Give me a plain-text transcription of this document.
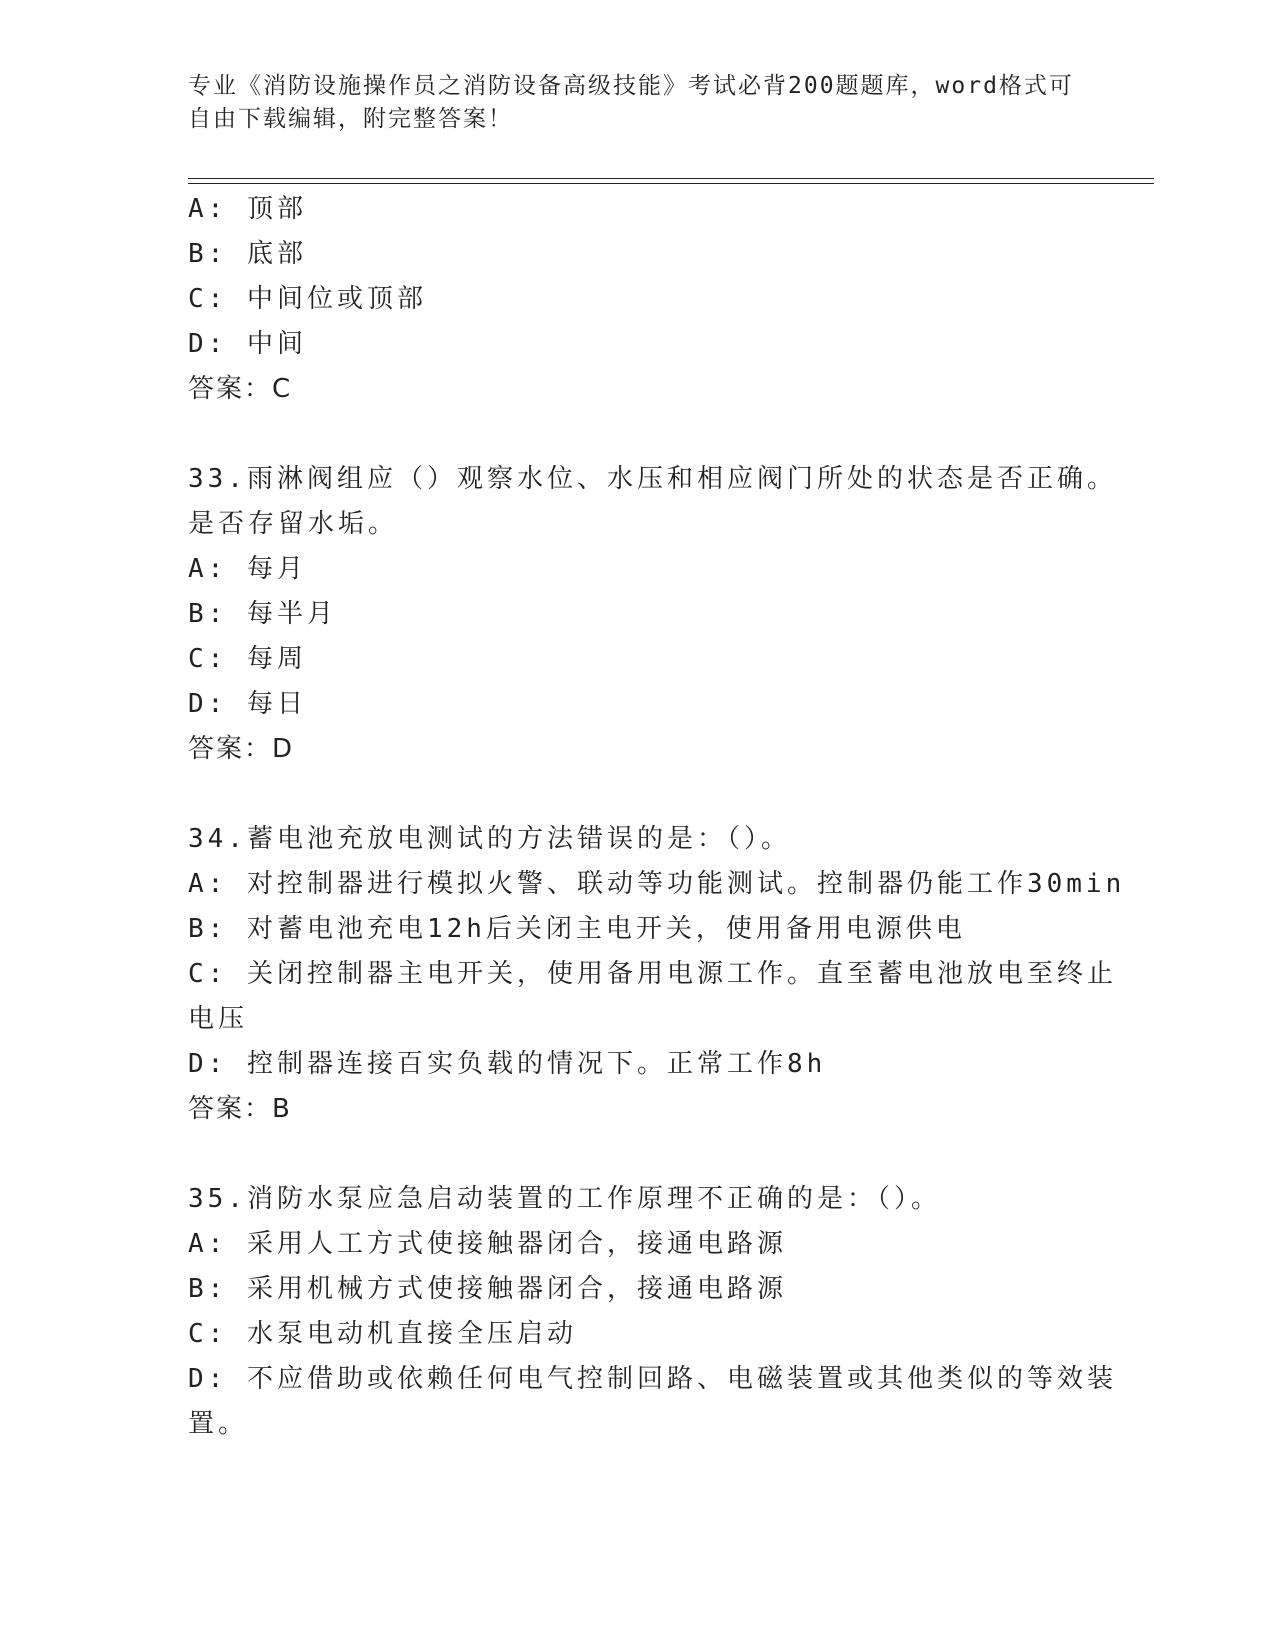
专业《消防设施操作员之消防设备高级技能》考试必背200题题库，word格式可
自由下载编辑，附完整答案！
A: 顶部
B: 底部
C: 中间位或顶部
D: 中间
答案：C
33.雨淋阀组应（）观察水位、水压和相应阀门所处的状态是否正确。
是否存留水垢。
A: 每月
B: 每半月
C: 每周
D: 每日
答案：D
34.蓄电池充放电测试的方法错误的是：（）。
A: 对控制器进行模拟火警、联动等功能测试。控制器仍能工作30min
B: 对蓄电池充电12h后关闭主电开关，使用备用电源供电
C: 关闭控制器主电开关，使用备用电源工作。直至蓄电池放电至终止
电压
D: 控制器连接百实负载的情况下。正常工作8h
答案：B
35.消防水泵应急启动装置的工作原理不正确的是：（）。
A: 采用人工方式使接触器闭合，接通电路源
B: 采用机械方式使接触器闭合，接通电路源
C: 水泵电动机直接全压启动
D: 不应借助或依赖任何电气控制回路、电磁装置或其他类似的等效装
置。
